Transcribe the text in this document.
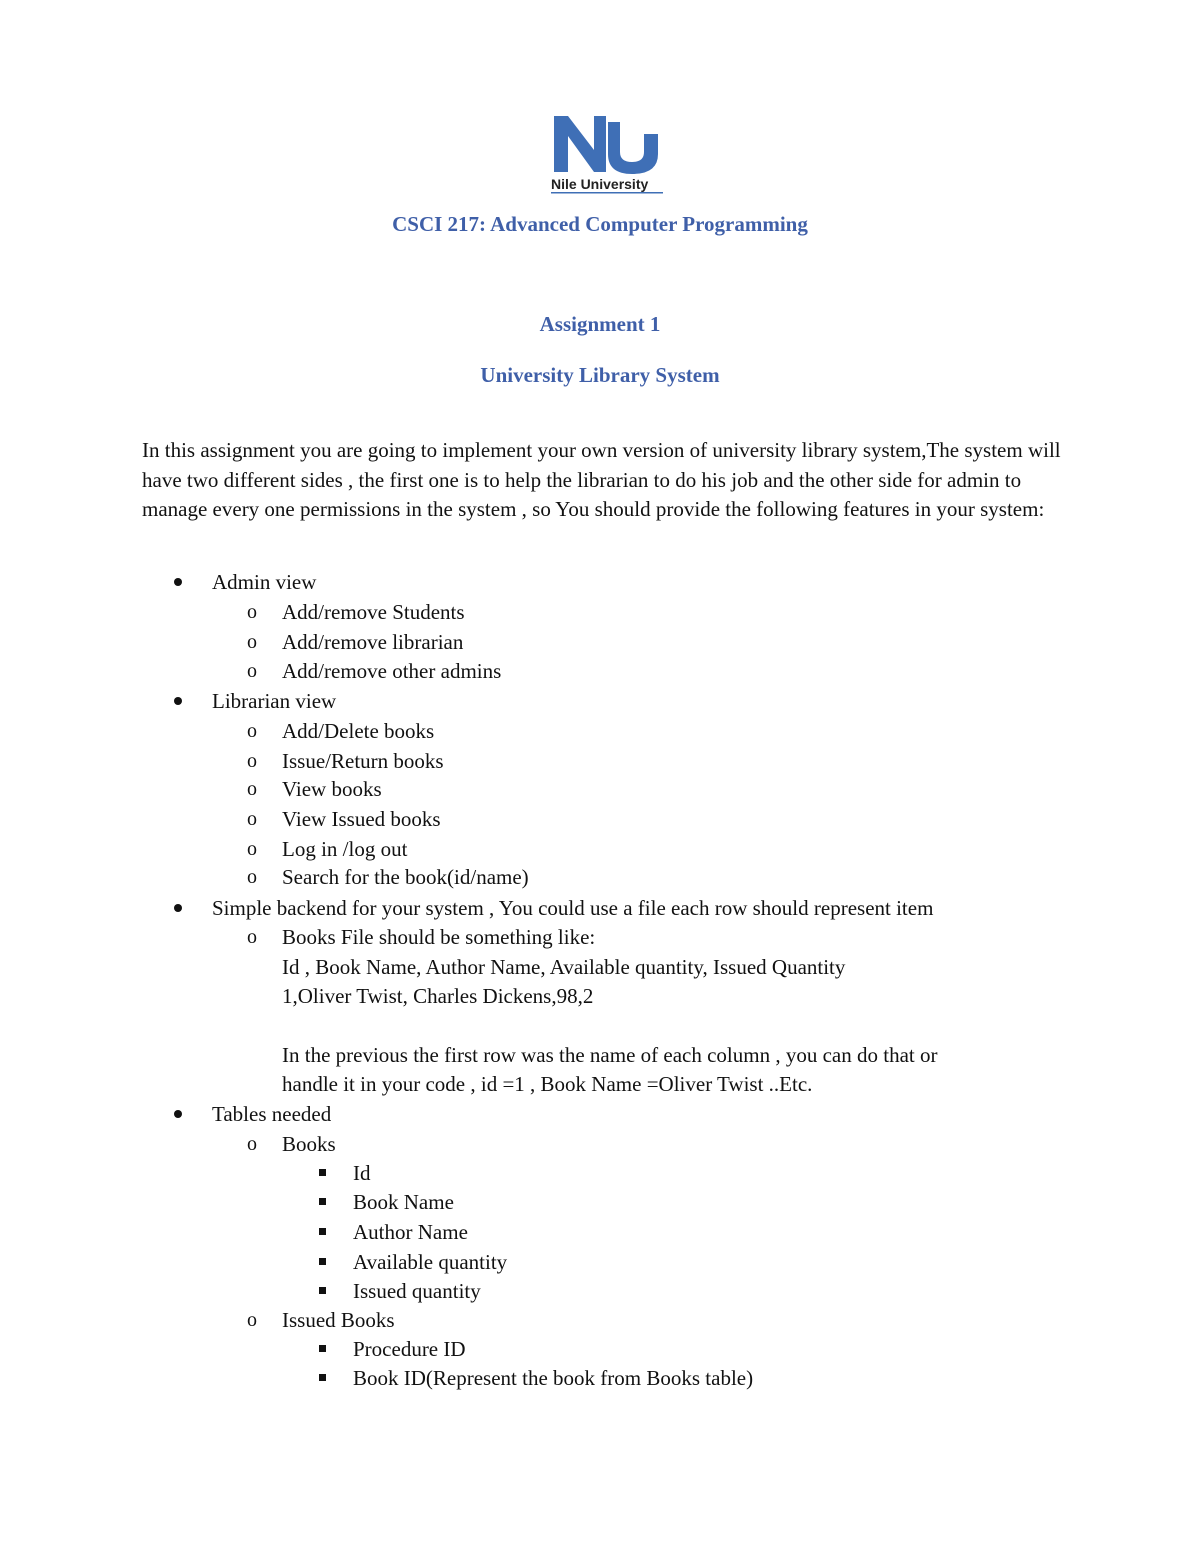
Nile University
CSCI 217: Advanced Computer Programming
Assignment 1
University Library System

In this assignment you are going to implement your own version of university library system,The system will have two different sides , the first one is to help the librarian to do his job and the other side for admin to manage every one permissions in the system , so You should provide the following features in your system:

Admin view
o Add/remove Students
o Add/remove librarian
o Add/remove other admins
Librarian view
o Add/Delete books
o Issue/Return books
o View books
o View Issued books
o Log in /log out
o Search for the book(id/name)
Simple backend for your system , You could use a file each row should represent item
o Books File should be something like:
Id , Book Name, Author Name, Available quantity, Issued Quantity
1,Oliver Twist, Charles Dickens,98,2
In the previous the first row was the name of each column , you can do that or
handle it in your code , id =1 , Book Name =Oliver Twist ..Etc.
Tables needed
o Books
Id
Book Name
Author Name
Available quantity
Issued quantity
o Issued Books
Procedure ID
Book ID(Represent the book from Books table)
